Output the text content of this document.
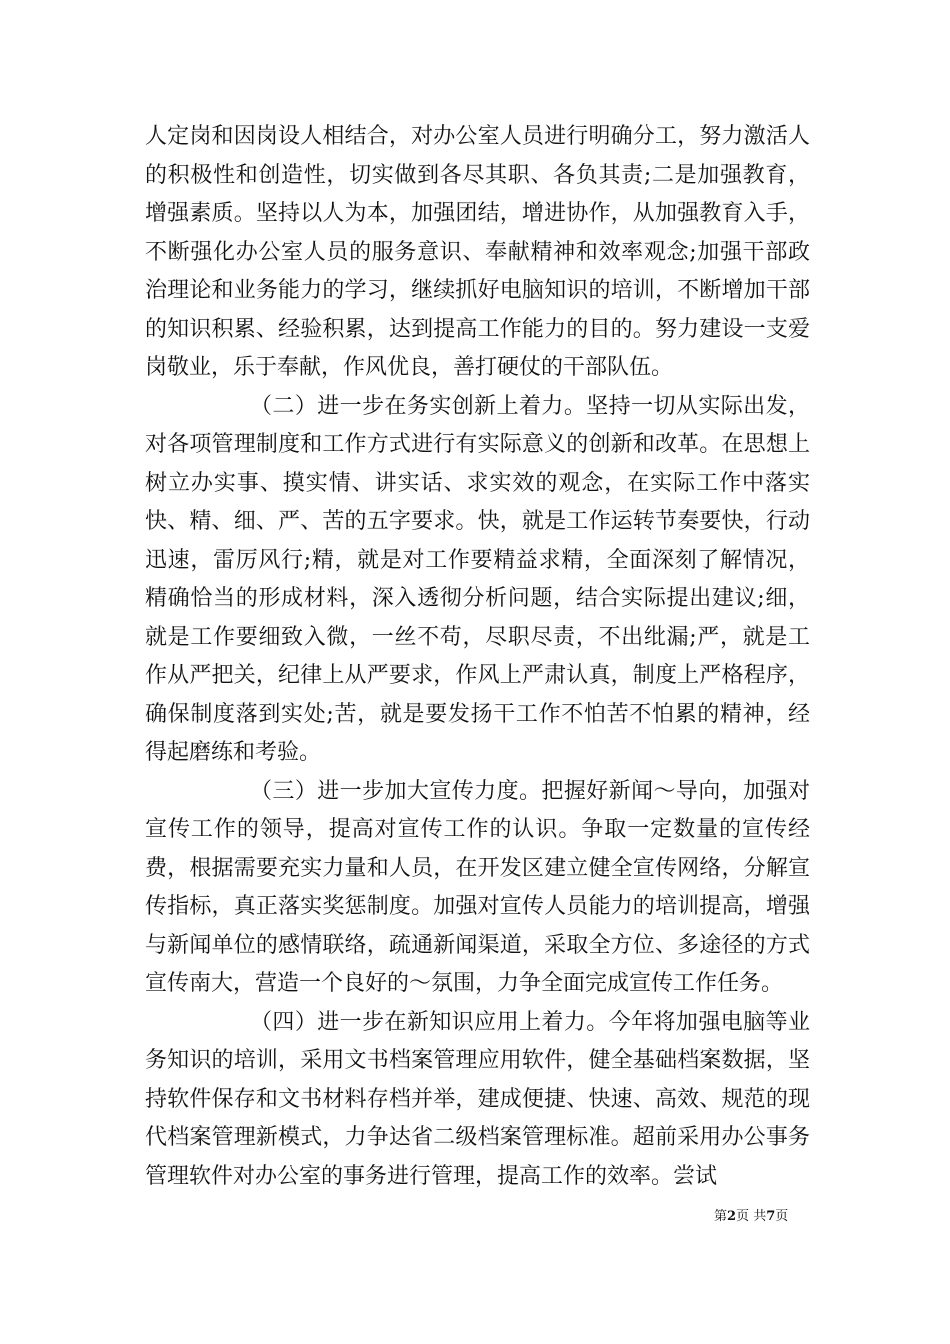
人定岗和因岗设人相结合，对办公室人员进行明确分工，努力激活人的积极性和创造性，切实做到各尽其职、各负其责;二是加强教育，增强素质。坚持以人为本，加强团结，增进协作，从加强教育入手，不断强化办公室人员的服务意识、奉献精神和效率观念;加强干部政治理论和业务能力的学习，继续抓好电脑知识的培训，不断增加干部的知识积累、经验积累，达到提高工作能力的目的。努力建设一支爱岗敬业，乐于奉献，作风优良，善打硬仗的干部队伍。

（二）进一步在务实创新上着力。坚持一切从实际出发，对各项管理制度和工作方式进行有实际意义的创新和改革。在思想上树立办实事、摸实情、讲实话、求实效的观念，在实际工作中落实快、精、细、严、苦的五字要求。快，就是工作运转节奏要快，行动迅速，雷厉风行;精，就是对工作要精益求精，全面深刻了解情况，精确恰当的形成材料，深入透彻分析问题，结合实际提出建议;细，就是工作要细致入微，一丝不苟，尽职尽责，不出纰漏;严，就是工作从严把关，纪律上从严要求，作风上严肃认真，制度上严格程序，确保制度落到实处;苦，就是要发扬干工作不怕苦不怕累的精神，经得起磨练和考验。

（三）进一步加大宣传力度。把握好新闻～导向，加强对宣传工作的领导，提高对宣传工作的认识。争取一定数量的宣传经费，根据需要充实力量和人员，在开发区建立健全宣传网络，分解宣传指标，真正落实奖惩制度。加强对宣传人员能力的培训提高，增强与新闻单位的感情联络，疏通新闻渠道，采取全方位、多途径的方式宣传南大，营造一个良好的～氛围，力争全面完成宣传工作任务。

（四）进一步在新知识应用上着力。今年将加强电脑等业务知识的培训，采用文书档案管理应用软件，健全基础档案数据，坚持软件保存和文书材料存档并举，建成便捷、快速、高效、规范的现代档案管理新模式，力争达省二级档案管理标准。超前采用办公事务管理软件对办公室的事务进行管理，提高工作的效率。尝试

第2页 共7页
